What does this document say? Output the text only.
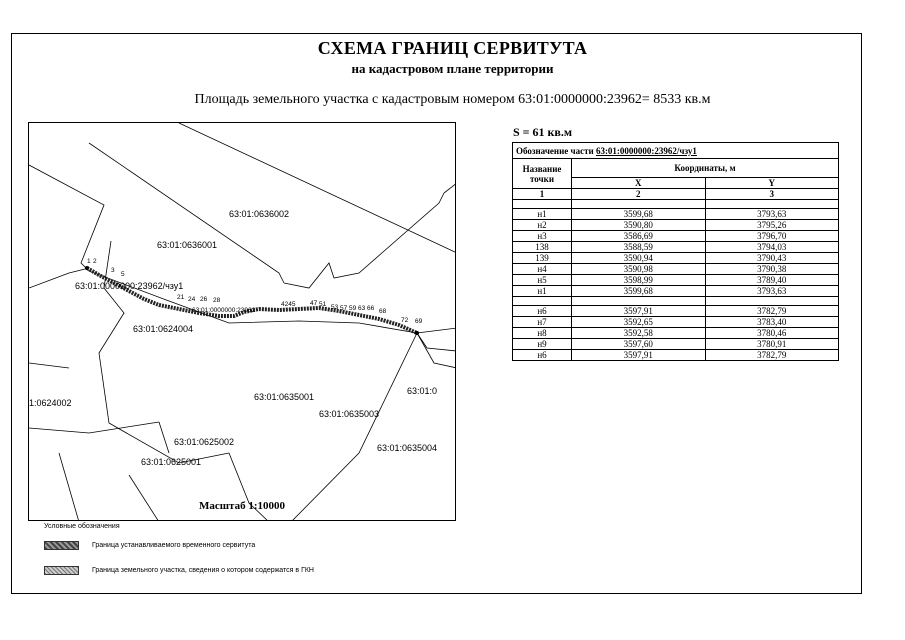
СХЕМА ГРАНИЦ СЕРВИТУТА
на кадастровом плане территории
Площадь земельного участка с кадастровым номером 63:01:0000000:23962= 8533 кв.м
63:01:0636002
63:01:0636001
63:01:0000000:23962/чзу1
63:01:0624004
63:01:0635001
63:01:0635003
63:01:0
1:0624002
63:01:0625002
63:01:0625001
63:01:0635004
63:01:0000000:23962
1 2
3
5
21 24 26 28
4245 47 51 53 57 59 63 66 68
72 69
Масштаб 1:10000
S = 61 кв.м
Обозначение части 63:01:0000000:23962/чзу1		
Название точки	Координаты, м	
	X	Y
1	2	3

н1	3599,68	3793,63
н2	3590,80	3795,26
н3	3586,69	3796,70
138	3588,59	3794,03
139	3590,94	3790,43
н4	3590,98	3790,38
н5	3598,99	3789,40
н1	3599,68	3793,63

н6	3597,91	3782,79
н7	3592,65	3783,40
н8	3592,58	3780,46
н9	3597,60	3780,91
н6	3597,91	3782,79
Условные обозначения
Граница устанавливаемого временного сервитута
Граница земельного участка, сведения о котором содержатся в ГКН
